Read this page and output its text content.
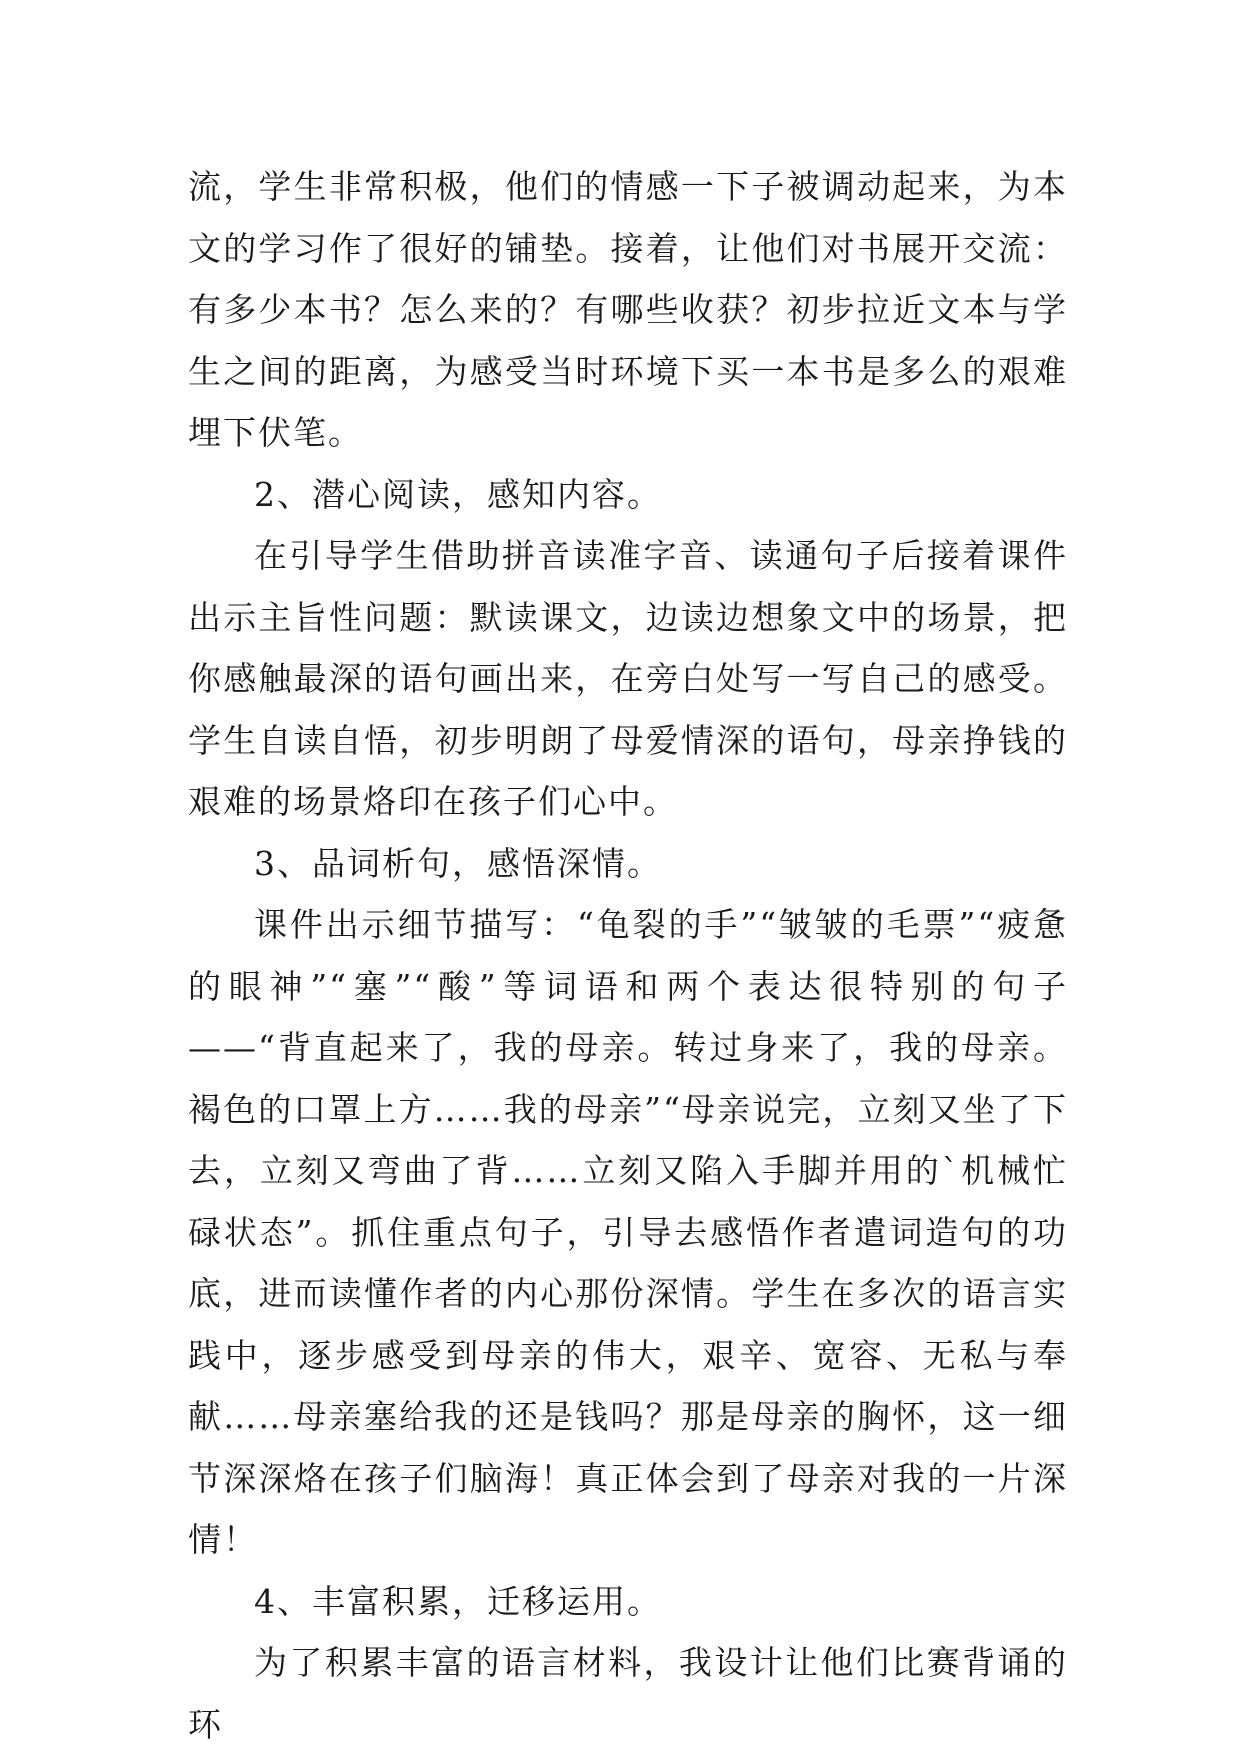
流，学生非常积极，他们的情感一下子被调动起来，为本文的学习作了很好的铺垫。接着，让他们对书展开交流：有多少本书？怎么来的？有哪些收获？初步拉近文本与学生之间的距离，为感受当时环境下买一本书是多么的艰难埋下伏笔。

2、潜心阅读，感知内容。

在引导学生借助拼音读准字音、读通句子后接着课件出示主旨性问题：默读课文，边读边想象文中的场景，把你感触最深的语句画出来，在旁白处写一写自己的感受。学生自读自悟，初步明朗了母爱情深的语句，母亲挣钱的艰难的场景烙印在孩子们心中。

3、品词析句，感悟深情。

课件出示细节描写：“龟裂的手”“皱皱的毛票”“疲惫的眼神”“塞”“酸”等词语和两个表达很特别的句子——“背直起来了，我的母亲。转过身来了，我的母亲。褐色的口罩上方……我的母亲”“母亲说完，立刻又坐了下去，立刻又弯曲了背……立刻又陷入手脚并用的`机械忙碌状态”。抓住重点句子，引导去感悟作者遣词造句的功底，进而读懂作者的内心那份深情。学生在多次的语言实践中，逐步感受到母亲的伟大，艰辛、宽容、无私与奉献……母亲塞给我的还是钱吗？那是母亲的胸怀，这一细节深深烙在孩子们脑海！真正体会到了母亲对我的一片深情！

4、丰富积累，迁移运用。

为了积累丰富的语言材料，我设计让他们比赛背诵的环
